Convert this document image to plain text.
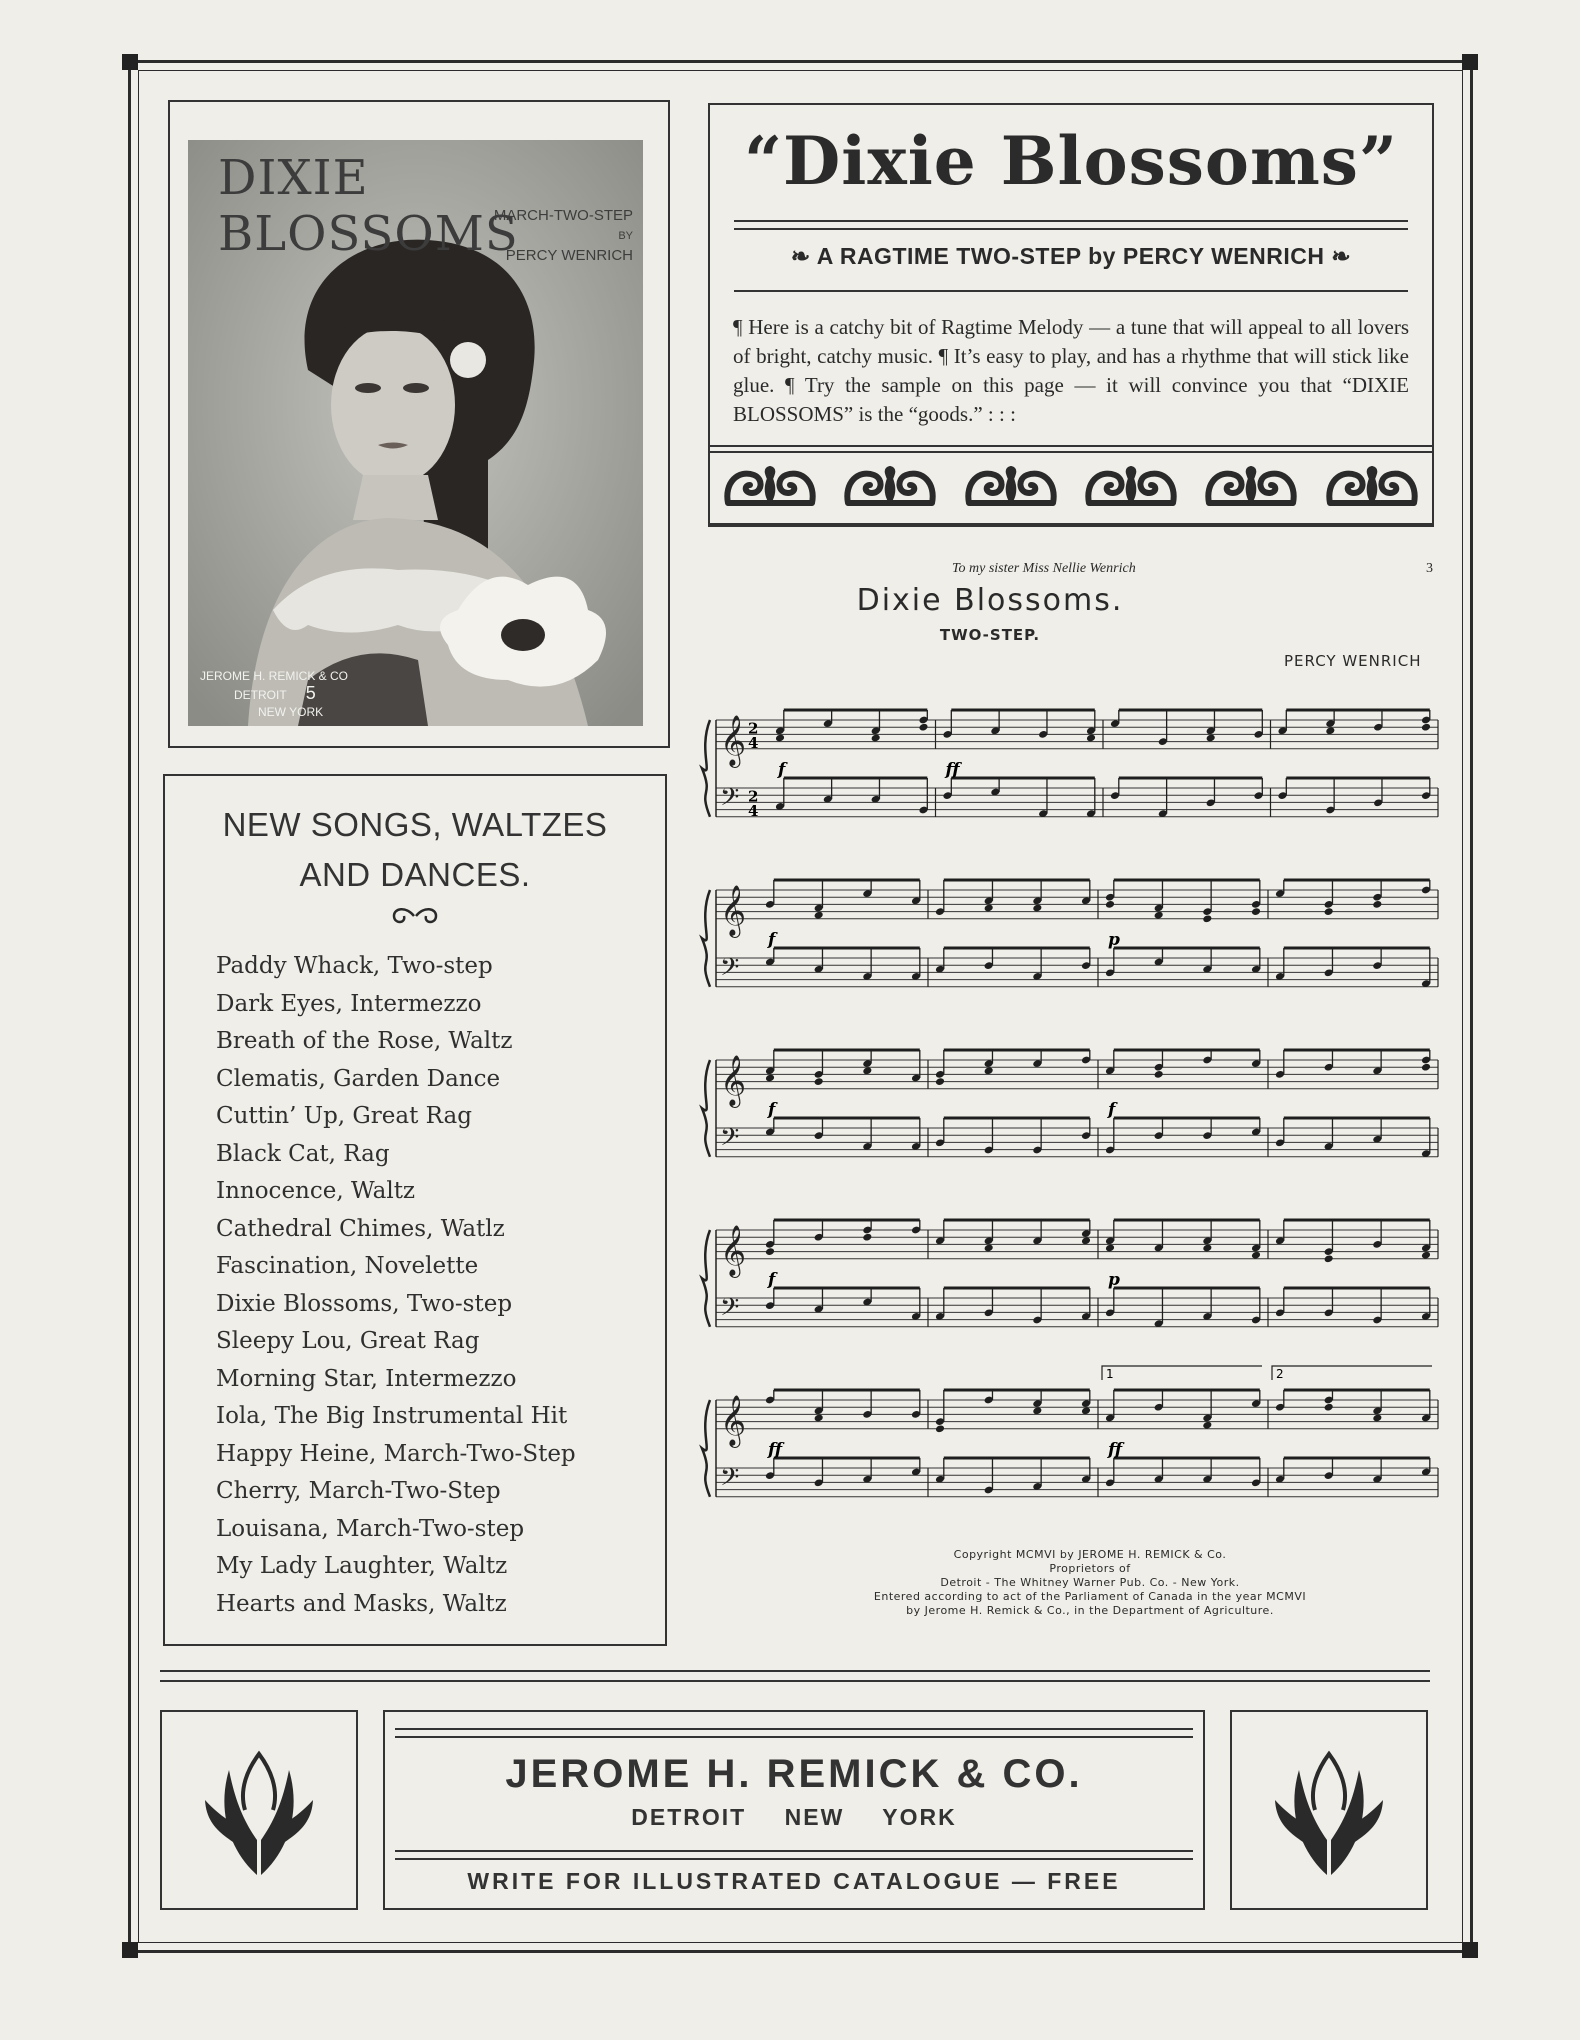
DIXIE BLOSSOMS
MARCH-TWO-STEP
BY
PERCY WENRICH
JEROME H. REMICK & CO
DETROIT 5
NEW YORK
“Dixie Blossoms”
❧ A RAGTIME TWO-STEP by PERCY WENRICH ❧
¶ Here is a catchy bit of Ragtime Melody — a tune that will appeal to all lovers of bright, catchy music. ¶ It’s easy to play, and has a rhythme that will stick like glue. ¶ Try the sample on this page — it will convince you that “DIXIE BLOSSOMS” is the “goods.” : : :
To my sister Miss Nellie Wenrich	3
Dixie Blossoms.
TWO-STEP.
PERCY WENRICH
𝄞
𝄢
2
4
2
4
f	ff
𝄞
𝄢
f	p
𝄞
𝄢
f	f
𝄞
𝄢
f	p
𝄞
𝄢
ff	ff
1	2
Copyright MCMVI by JEROME H. REMICK & Co.
Proprietors of
Detroit - The Whitney Warner Pub. Co. - New York.
Entered according to act of the Parliament of Canada in the year MCMVI
by Jerome H. Remick & Co., in the Department of Agriculture.
NEW SONGS, WALTZES
AND DANCES.
Paddy Whack, Two-step
Dark Eyes, Intermezzo
Breath of the Rose, Waltz
Clematis, Garden Dance
Cuttin’ Up, Great Rag
Black Cat, Rag
Innocence, Waltz
Cathedral Chimes, Watlz
Fascination, Novelette
Dixie Blossoms, Two-step
Sleepy Lou, Great Rag
Morning Star, Intermezzo
Iola, The Big Instrumental Hit
Happy Heine, March-Two-Step
Cherry, March-Two-Step
Louisana, March-Two-step
My Lady Laughter, Waltz
Hearts and Masks, Waltz
JEROME H. REMICK & CO.
DETROIT NEW YORK
WRITE FOR ILLUSTRATED CATALOGUE — FREE
